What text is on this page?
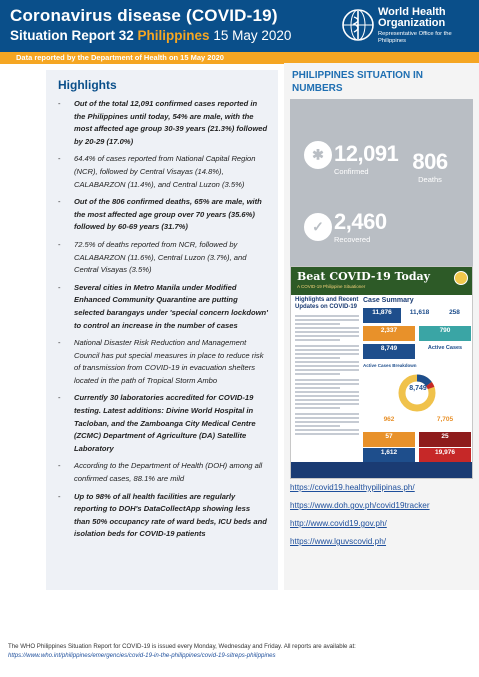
Coronavirus disease (COVID-19)
Situation Report 32 Philippines 15 May 2020
World Health Organization
Representative Office for the Philippines
Data reported by the Department of Health on 15 May 2020
Highlights
- Out of the total 12,091 confirmed cases reported in the Philippines until today, 54% are male, with the most affected age group 30-39 years (21.3%) followed by 20-29 (17.0%)
- 64.4% of cases reported from National Capital Region (NCR), followed by Central Visayas (14.8%), CALABARZON (11.4%), and Central Luzon (3.5%)
- Out of the 806 confirmed deaths, 65% are male, with the most affected age group over 70 years (35.6%) followed by 60-69 years (31.7%)
- 72.5% of deaths reported from NCR, followed by CALABARZON (11.6%), Central Luzon (3.7%), and Central Visayas (3.5%)
- Several cities in Metro Manila under Modified Enhanced Community Quarantine are putting selected barangays under 'special concern lockdown' to control an increase in the number of cases
- National Disaster Risk Reduction and Management Council has put special measures in place to reduce risk of transmission from COVID-19 in evacuation shelters located in the path of Tropical Storm Ambo
- Currently 30 laboratories accredited for COVID-19 testing. Latest additions: Divine World Hospital in Tacloban, and the Zamboanga City Medical Centre (ZCMC) Department of Agriculture (DA) Satellite Laboratory
- According to the Department of Health (DOH) among all confirmed cases, 88.1% are mild
- Up to 98% of all health facilities are regularly reporting to DOH's DataCollectApp showing less than 50% occupancy rate of ward beds, ICU beds and isolation beds for COVID-19 patients
PHILIPPINES SITUATION IN NUMBERS
✱ 12,091
Confirmed	806
Deaths
✓ 2,460
Recovered
Beat COVID-19 Today
A COVID-19 Philippine Situationer
Highlights and Recent Updates on COVID-19
Case Summary
11,876	11,618	258
2,337	790
8,749	Active Cases
Active Cases Breakdown
8,749
962	7,705
57	25
1,612	19,976
https://covid19.healthypilipinas.ph/
https://www.doh.gov.ph/covid19tracker
http://www.covid19.gov.ph/
https://www.lguvscovid.ph/
The WHO Philippines Situation Report for COVID-19 is issued every Monday, Wednesday and Friday. All reports are available at: https://www.who.int/philippines/emergencies/covid-19-in-the-philippines/covid-19-sitreps-philippines
